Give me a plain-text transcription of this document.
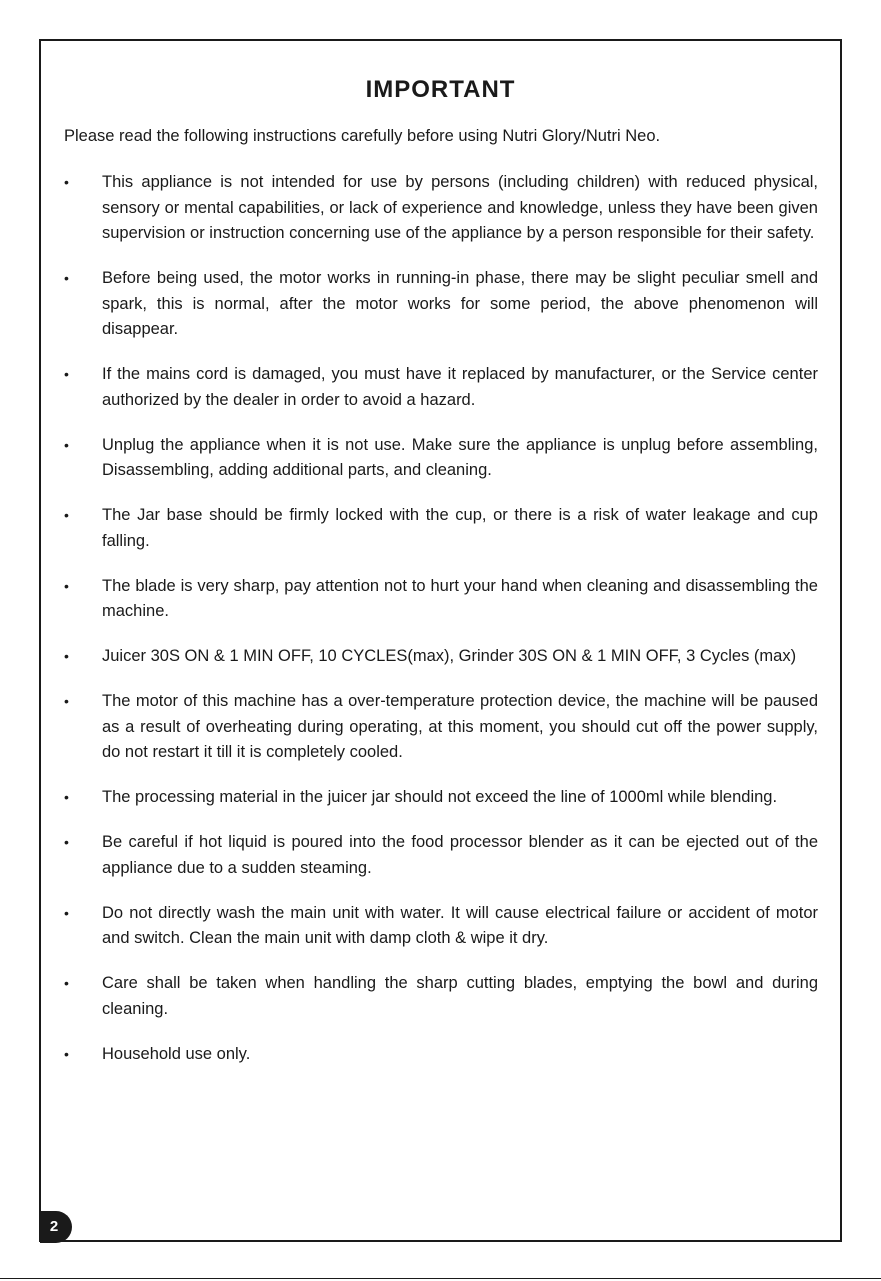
IMPORTANT

Please read the following instructions carefully before using Nutri Glory/Nutri Neo.

•	This appliance is not intended for use by persons (including children) with reduced physical, sensory or mental capabilities, or lack of experience and knowledge, unless they have been given supervision or instruction concerning use of the appliance by a person responsible for their safety.
•	Before being used, the motor works in running-in phase, there may be slight peculiar smell and spark, this is normal, after the motor works for some period, the above phenomenon will disappear.
•	If the mains cord is damaged, you must have it replaced by manufacturer, or the Service center authorized by the dealer in order to avoid a hazard.
•	Unplug the appliance when it is not use. Make sure the appliance is unplug before assembling, Disassembling, adding additional parts, and cleaning.
•	The Jar base should be firmly locked with the cup, or there is a risk of water leakage and cup falling.
•	The blade is very sharp, pay attention not to hurt your hand when cleaning and disassembling the machine.
•	Juicer 30S ON & 1 MIN OFF, 10 CYCLES(max), Grinder 30S ON & 1 MIN OFF, 3 Cycles (max)
•	The motor of this machine has a over-temperature protection device, the machine will be paused as a result of overheating during operating, at this moment, you should cut off the power supply, do not restart it till it is completely cooled.
•	The processing material in the juicer jar should not exceed the line of 1000ml while blending.
•	Be careful if hot liquid is poured into the food processor blender as it can be ejected out of the appliance due to a sudden steaming.
•	Do not directly wash the main unit with water. It will cause electrical failure or accident of motor and switch. Clean the main unit with damp cloth & wipe it dry.
•	Care shall be taken when handling the sharp cutting blades, emptying the bowl and during cleaning.
•	Household use only.
2
